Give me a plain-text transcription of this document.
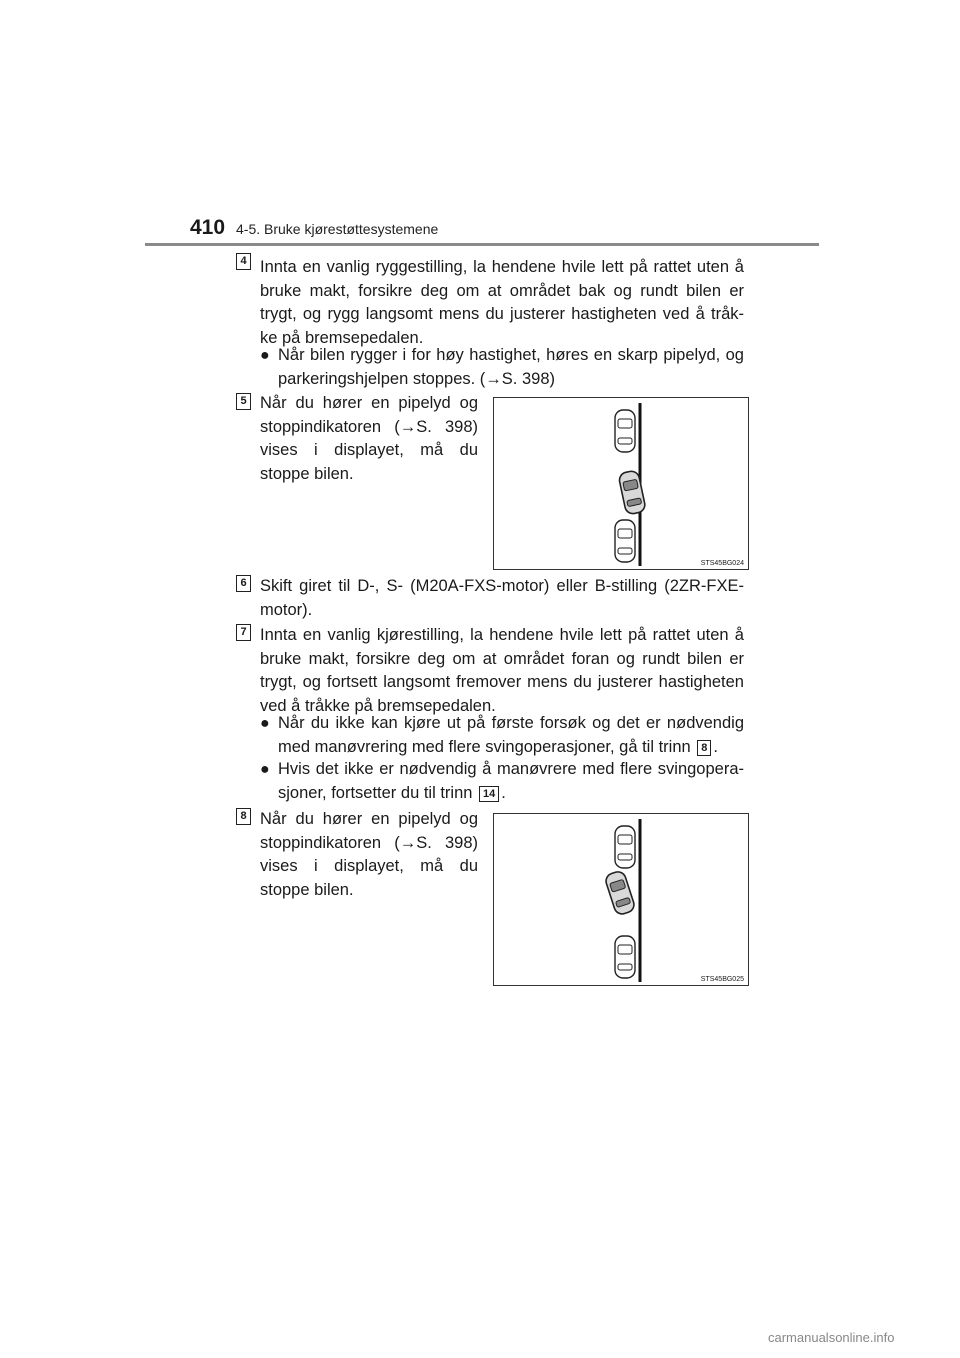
410 4-5. Bruke kjørestøttesystemene
4 Innta en vanlig ryggestilling, la hendene hvile lett på rattet uten å bruke makt, forsikre deg om at området bak og rundt bilen er trygt, og rygg langsomt mens du justerer hastigheten ved å tråk-ke på bremsepedalen.

● Når bilen rygger i for høy hastighet, høres en skarp pipelyd, og parkeringshjelpen stoppes. (→S. 398)
5 Når du hører en pipelyd og stoppindikatoren (→S. 398) vises i displayet, må du stoppe bilen.

STS45BG024
6 Skift giret til D-, S- (M20A-FXS-motor) eller B-stilling (2ZR-FXE-motor).

7 Innta en vanlig kjørestilling, la hendene hvile lett på rattet uten å bruke makt, forsikre deg om at området foran og rundt bilen er trygt, og fortsett langsomt fremover mens du justerer hastigheten ved å tråkke på bremsepedalen.

● Når du ikke kan kjøre ut på første forsøk og det er nødvendig med manøvrering med flere svingoperasjoner, gå til trinn 8 .
● Hvis det ikke er nødvendig å manøvrere med flere svingopera-sjoner, fortsetter du til trinn 14 .
8 Når du hører en pipelyd og stoppindikatoren (→S. 398) vises i displayet, må du stoppe bilen.

STS45BG025
carmanualsonline.info
